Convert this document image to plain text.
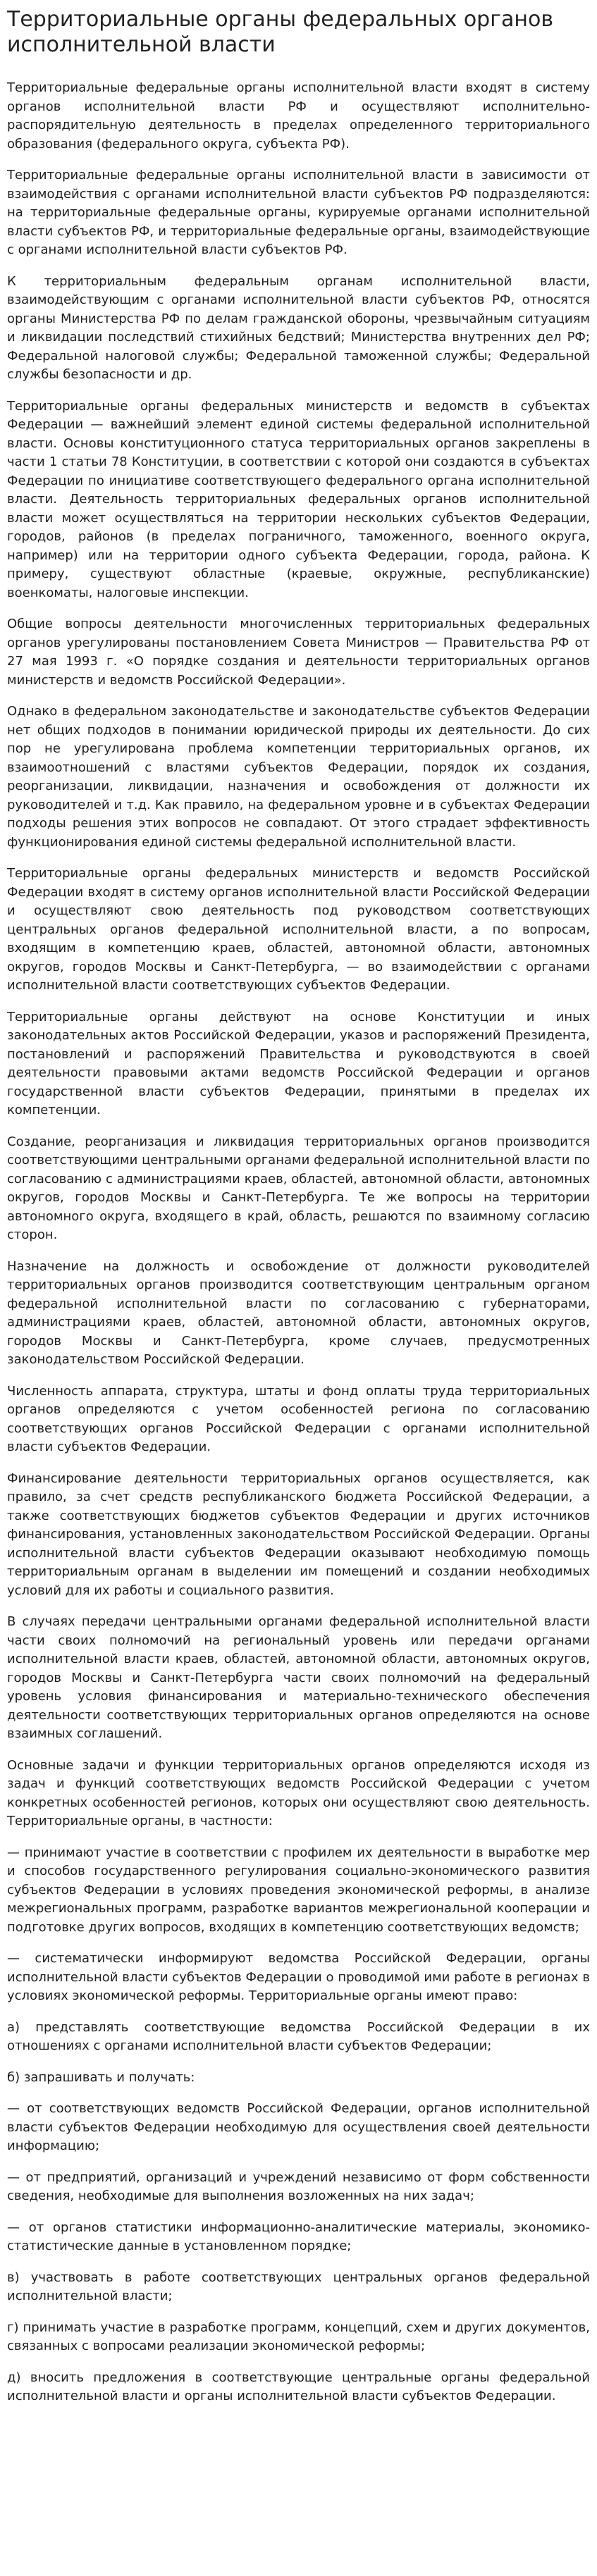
Территориальные органы федеральных органов исполнительной власти

Территориальные федеральные органы исполнительной власти входят в систему органов исполнительной власти РФ и осуществляют исполнительно-распорядительную деятельность в пределах определенного территориального образования (федерального округа, субъекта РФ).

Территориальные федеральные органы исполнительной власти в зависимости от взаимодействия с органами исполнительной власти субъектов РФ подразделяются: на территориальные федеральные органы, курируемые органами исполнительной власти субъектов РФ, и территориальные федеральные органы, взаимодействующие с органами исполнительной власти субъектов РФ.

К территориальным федеральным органам исполнительной власти, взаимодействующим с органами исполнительной власти субъектов РФ, относятся органы Министерства РФ по делам гражданской обороны, чрезвычайным ситуациям и ликвидации последствий стихийных бедствий; Министерства внутренних дел РФ; Федеральной налоговой службы; Федеральной таможенной службы; Федеральной службы безопасности и др.

Территориальные органы федеральных министерств и ведомств в субъектах Федерации — важнейший элемент единой системы федеральной исполнительной власти. Основы конституционного статуса территориальных органов закреплены в части 1 статьи 78 Конституции, в соответствии с которой они создаются в субъектах Федерации по инициативе соответствующего федерального органа исполнительной власти. Деятельность территориальных федеральных органов исполнительной власти может осуществляться на территории нескольких субъектов Федерации, городов, районов (в пределах пограничного, таможенного, военного округа, например) или на территории одного субъекта Федерации, города, района. К примеру, существуют областные (краевые, окружные, республиканские) военкоматы, налоговые инспекции.

Общие вопросы деятельности многочисленных территориальных федеральных органов урегулированы постановлением Совета Министров — Правительства РФ от 27 мая 1993 г. «О порядке создания и деятельности территориальных органов министерств и ведомств Российской Федерации».

Однако в федеральном законодательстве и законодательстве субъектов Федерации нет общих подходов в понимании юридической природы их деятельности. До сих пор не урегулирована проблема компетенции территориальных органов, их взаимоотношений с властями субъектов Федерации, порядок их создания, реорганизации, ликвидации, назначения и освобождения от должности их руководителей и т.д. Как правило, на федеральном уровне и в субъектах Федерации подходы решения этих вопросов не совпадают. От этого страдает эффективность функционирования единой системы федеральной исполнительной власти.

Территориальные органы федеральных министерств и ведомств Российской Федерации входят в систему органов исполнительной власти Российской Федерации и осуществляют свою деятельность под руководством соответствующих центральных органов федеральной исполнительной власти, а по вопросам, входящим в компетенцию краев, областей, автономной области, автономных округов, городов Москвы и Санкт-Петербурга, — во взаимодействии с органами исполнительной власти соответствующих субъектов Федерации.

Территориальные органы действуют на основе Конституции и иных законодательных актов Российской Федерации, указов и распоряжений Президента, постановлений и распоряжений Правительства и руководствуются в своей деятельности правовыми актами ведомств Российской Федерации и органов государственной власти субъектов Федерации, принятыми в пределах их компетенции.

Создание, реорганизация и ликвидация территориальных органов производится соответствующими центральными органами федеральной исполнительной власти по согласованию с администрациями краев, областей, автономной области, автономных округов, городов Москвы и Санкт-Петербурга. Те же вопросы на территории автономного округа, входящего в край, область, решаются по взаимному согласию сторон.

Назначение на должность и освобождение от должности руководителей территориальных органов производится соответствующим центральным органом федеральной исполнительной власти по согласованию с губернаторами, администрациями краев, областей, автономной области, автономных округов, городов Москвы и Санкт-Петербурга, кроме случаев, предусмотренных законодательством Российской Федерации.

Численность аппарата, структура, штаты и фонд оплаты труда территориальных органов определяются с учетом особенностей региона по согласованию соответствующих органов Российской Федерации с органами исполнительной власти субъектов Федерации.

Финансирование деятельности территориальных органов осуществляется, как правило, за счет средств республиканского бюджета Российской Федерации, а также соответствующих бюджетов субъектов Федерации и других источников финансирования, установленных законодательством Российской Федерации. Органы исполнительной власти субъектов Федерации оказывают необходимую помощь территориальным органам в выделении им помещений и создании необходимых условий для их работы и социального развития.

В случаях передачи центральными органами федеральной исполнительной власти части своих полномочий на региональный уровень или передачи органами исполнительной власти краев, областей, автономной области, автономных округов, городов Москвы и Санкт-Петербурга части своих полномочий на федеральный уровень условия финансирования и материально-технического обеспечения деятельности соответствующих территориальных органов определяются на основе взаимных соглашений.

Основные задачи и функции территориальных органов определяются исходя из задач и функций соответствующих ведомств Российской Федерации с учетом конкретных особенностей регионов, которых они осуществляют свою деятельность. Территориальные органы, в частности:

— принимают участие в соответствии с профилем их деятельности в выработке мер и способов государственного регулирования социально-экономического развития субъектов Федерации в условиях проведения экономической реформы, в анализе межрегиональных программ, разработке вариантов межрегиональной кооперации и подготовке других вопросов, входящих в компетенцию соответствующих ведомств;

— систематически информируют ведомства Российской Федерации, органы исполнительной власти субъектов Федерации о проводимой ими работе в регионах в условиях экономической реформы. Территориальные органы имеют право:

а) представлять соответствующие ведомства Российской Федерации в их отношениях с органами исполнительной власти субъектов Федерации;

б) запрашивать и получать:

— от соответствующих ведомств Российской Федерации, органов исполнительной власти субъектов Федерации необходимую для осуществления своей деятельности информацию;

— от предприятий, организаций и учреждений независимо от форм собственности сведения, необходимые для выполнения возложенных на них задач;

— от органов статистики информационно-аналитические материалы, экономико-статистические данные в установленном порядке;

в) участвовать в работе соответствующих центральных органов федеральной исполнительной власти;

г) принимать участие в разработке программ, концепций, схем и других документов, связанных с вопросами реализации экономической реформы;

д) вносить предложения в соответствующие центральные органы федеральной исполнительной власти и органы исполнительной власти субъектов Федерации.
